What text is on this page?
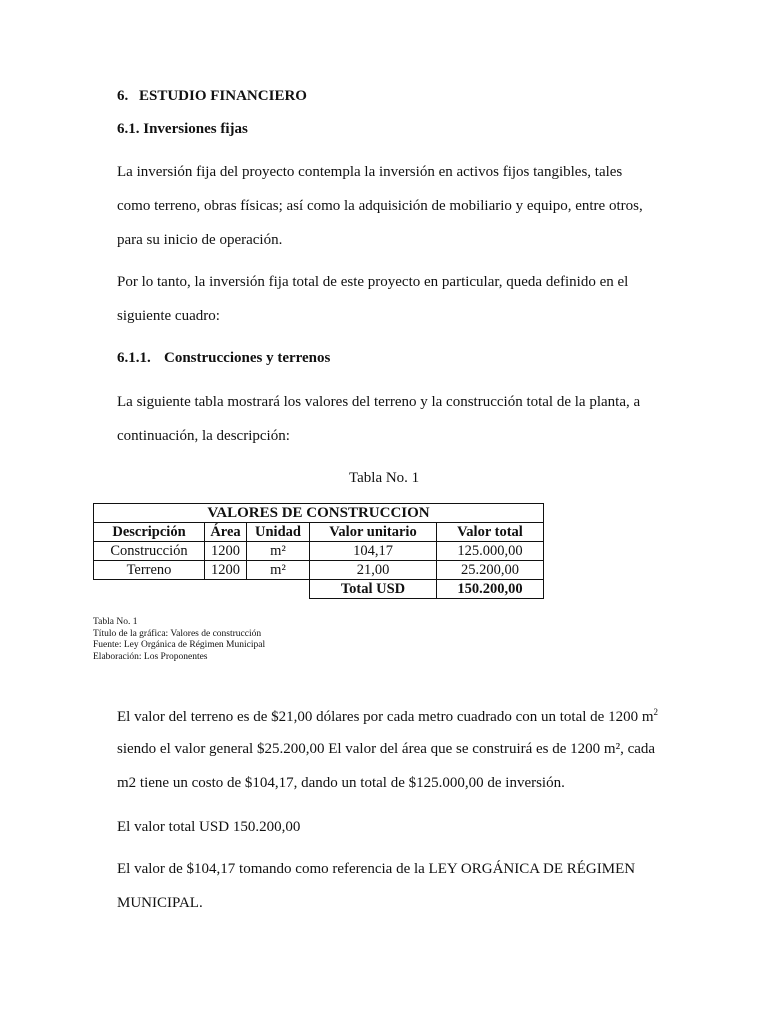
6. ESTUDIO FINANCIERO
6.1. Inversiones fijas
La inversión fija del proyecto contempla la inversión en activos fijos tangibles, tales
como terreno, obras físicas; así como la adquisición de mobiliario y equipo, entre otros,
para su inicio de operación.
Por lo tanto, la inversión fija total de este proyecto en particular, queda definido en el
siguiente cuadro:
6.1.1. Construcciones y terrenos
La siguiente tabla mostrará los valores del terreno y la construcción total de la planta, a
continuación, la descripción:
Tabla No. 1
VALORES DE CONSTRUCCION				
Descripción	Área	Unidad	Valor unitario	Valor total
Construcción	1200	m²	104,17	125.000,00
Terreno	1200	m²	21,00	25.200,00
			Total USD	150.200,00
Tabla No. 1
Título de la gráfica: Valores de construcción
Fuente: Ley Orgánica de Régimen Municipal
Elaboración: Los Proponentes
El valor del terreno es de $21,00 dólares por cada metro cuadrado con un total de 1200 $m^2$
siendo el valor general $25.200,00 El valor del área que se construirá es de 1200 m², cada
m2 tiene un costo de $104,17, dando un total de $125.000,00 de inversión.
El valor total USD 150.200,00
El valor de $104,17 tomando como referencia de la LEY ORGÁNICA DE RÉGIMEN
MUNICIPAL.
